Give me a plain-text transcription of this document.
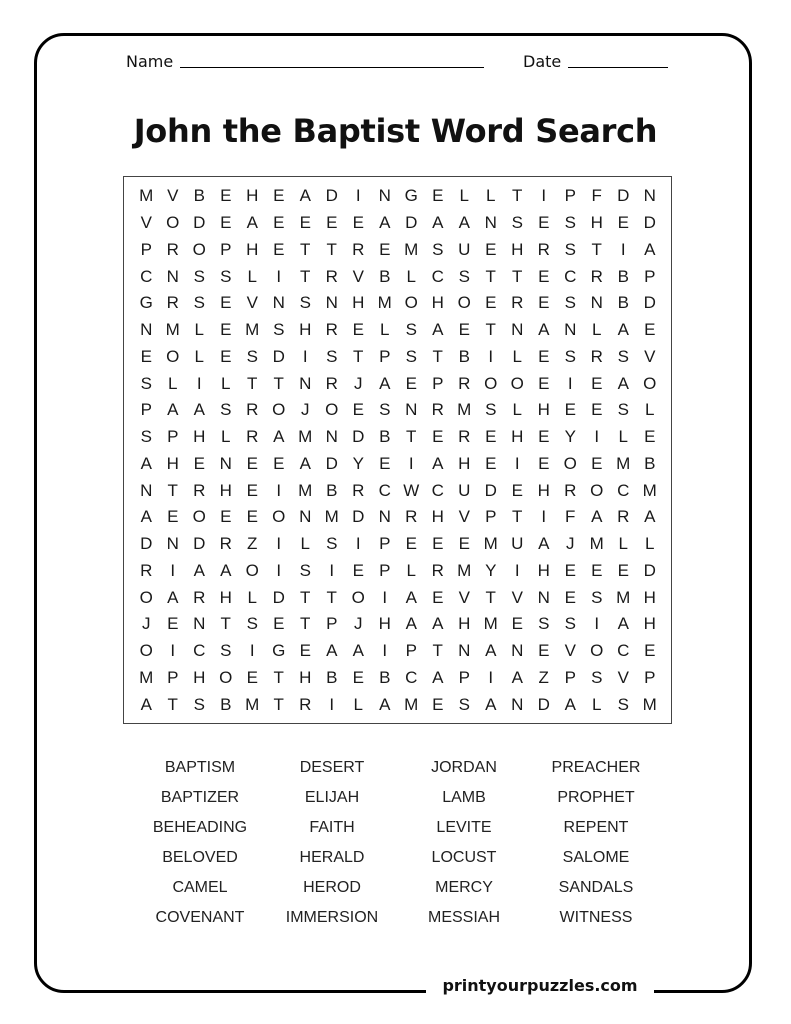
Name	Date
John the Baptist Word Search
M V B E H E A D	I	N G E L	L T	I	P F D N
V O D E A E E E E A D A A N S E S H E D
P R O P H E T T R E M S U E H R S T	I	A
C N S S L	I	T R V B L C S T T E C R B P
G R S E V N S N H M O H O E R E S N B D
N M L E M S H R E L S A E T N A N L A E
E O L E S D	I	S T P S T B	I	L E S R S V
S L	I	L T T N R J A E P R O O E	I	E A O
P A A S R O J O E S N R M S L H E E S L
S P H L R A M N D B T E R E H E Y	I	L E
A H E N E E A D Y E	I	A H E	I	E O E M B
N T R H E	I	M B R C W C U D E H R O C M
A E O E E O N M D N R H V P T	I	F A R A
D N D R Z	I	L S	I	P E E E M U A J M L	L
R	I	A A O	I	S	I	E P L R M Y	I	H E E E D
O A R H L D T T O	I	A E V T V N E S M H
J E N T S E T P J H A A H M E S S	I	A H
O	I	C S	I	G E A A	I	P T N A N E V O C E
M P H O E T H B E B C A P	I	A Z P S V P
A T S B M T R	I	L A M E S A N D A L S M
BAPTISM	DESERT	JORDAN	PREACHER
BAPTIZER	ELIJAH	LAMB	PROPHET
BEHEADING	FAITH	LEVITE	REPENT
BELOVED	HERALD	LOCUST	SALOME
CAMEL	HEROD	MERCY	SANDALS
COVENANT	IMMERSION	MESSIAH	WITNESS
printyourpuzzles.com
